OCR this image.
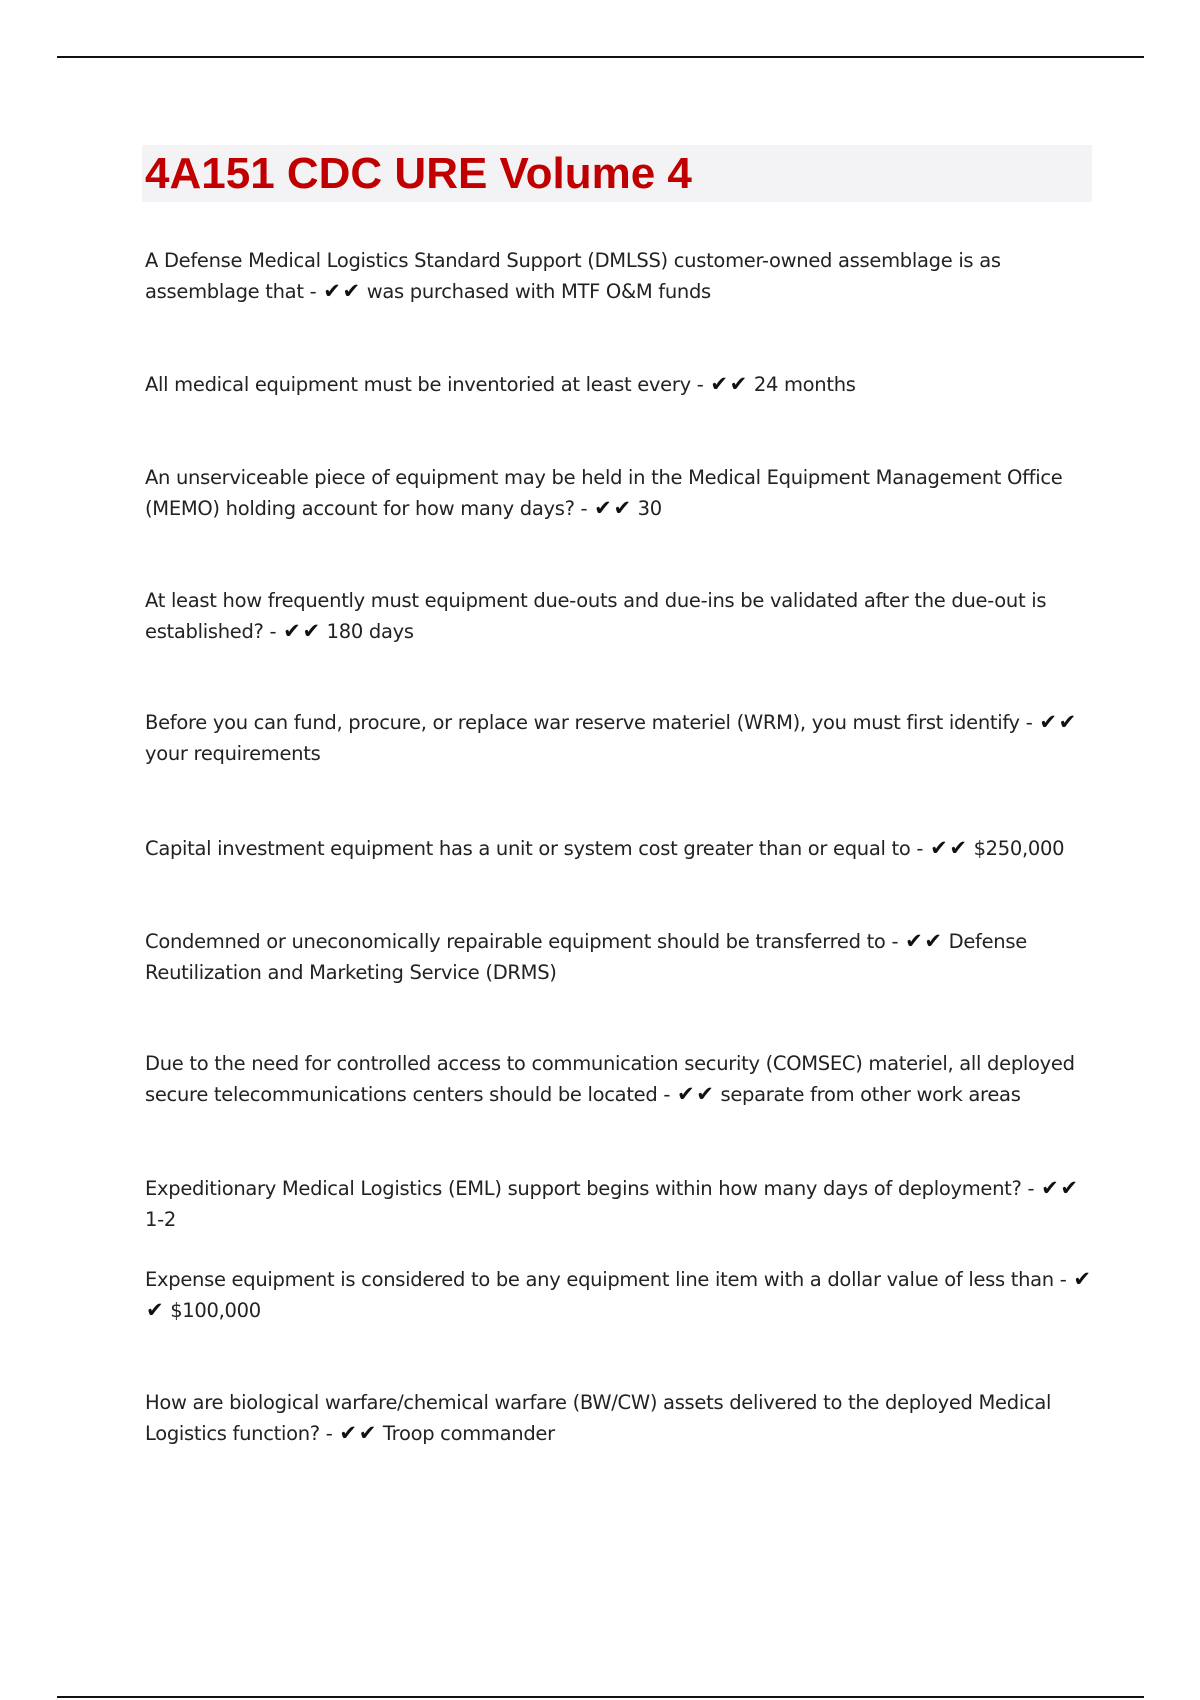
4A151 CDC URE Volume 4

A Defense Medical Logistics Standard Support (DMLSS) customer-owned assemblage is as assemblage that - ✔✔ was purchased with MTF O&M funds

All medical equipment must be inventoried at least every - ✔✔ 24 months

An unserviceable piece of equipment may be held in the Medical Equipment Management Office (MEMO) holding account for how many days? - ✔✔ 30

At least how frequently must equipment due-outs and due-ins be validated after the due-out is established? - ✔✔ 180 days

Before you can fund, procure, or replace war reserve materiel (WRM), you must first identify - ✔✔ your requirements

Capital investment equipment has a unit or system cost greater than or equal to - ✔✔ $250,000

Condemned or uneconomically repairable equipment should be transferred to - ✔✔ Defense Reutilization and Marketing Service (DRMS)

Due to the need for controlled access to communication security (COMSEC) materiel, all deployed secure telecommunications centers should be located - ✔✔ separate from other work areas

Expeditionary Medical Logistics (EML) support begins within how many days of deployment? - ✔✔ 1-2

Expense equipment is considered to be any equipment line item with a dollar value of less than - ✔✔ $100,000

How are biological warfare/chemical warfare (BW/CW) assets delivered to the deployed Medical Logistics function? - ✔✔ Troop commander
